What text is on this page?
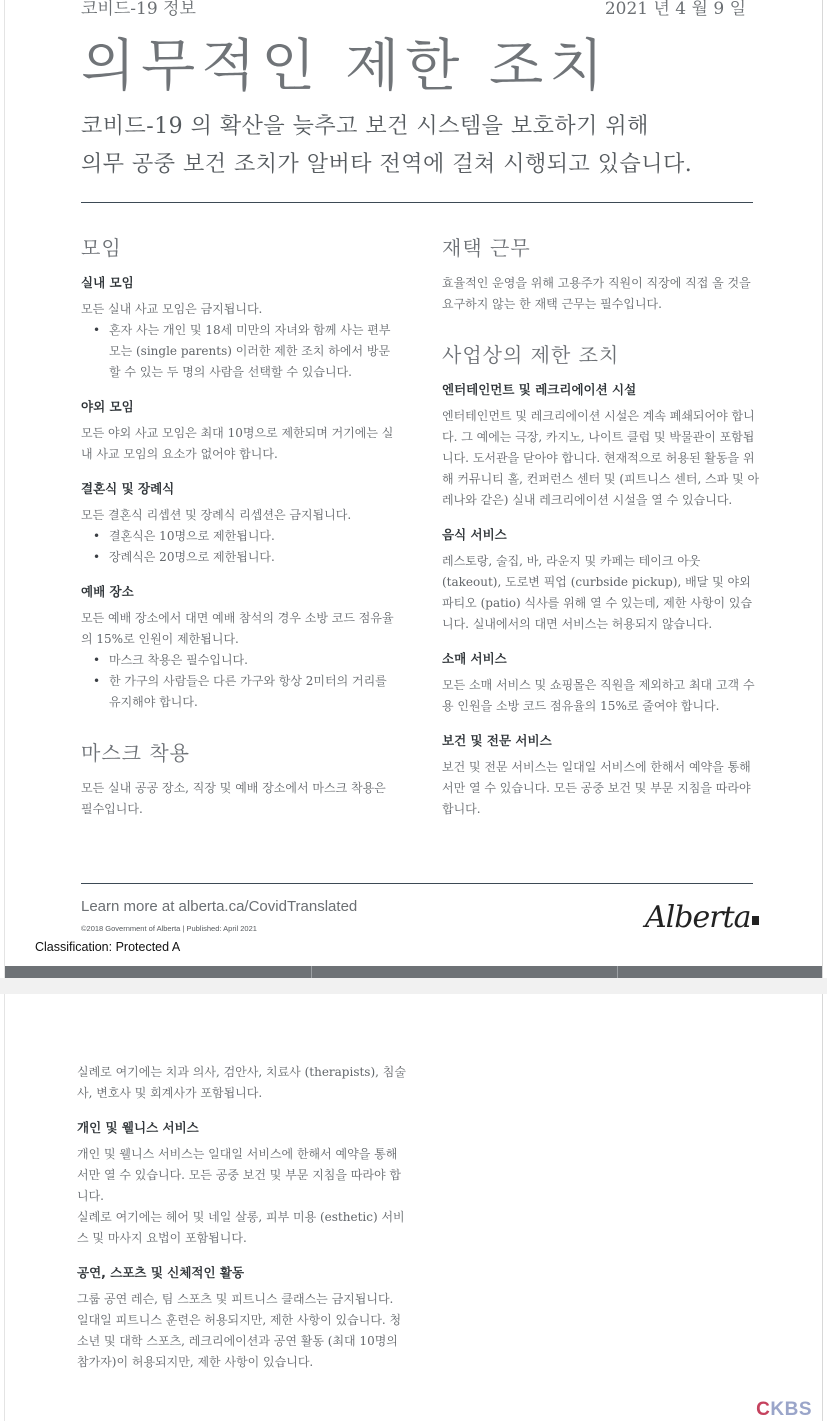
코비드-19 정보	2021 년 4 월 9 일
의무적인 제한 조치
코비드-19 의 확산을 늦추고 보건 시스템을 보호하기 위해
의무 공중 보건 조치가 알버타 전역에 걸쳐 시행되고 있습니다.
모임
실내 모임

모든 실내 사교 모임은 금지됩니다.

• 혼자 사는 개인 및 18세 미만의 자녀와 함께 사는 편부모는 (single parents) 이러한 제한 조치 하에서 방문할 수 있는 두 명의 사람을 선택할 수 있습니다.
야외 모임

모든 야외 사교 모임은 최대 10명으로 제한되며 거기에는 실내 사교 모임의 요소가 없어야 합니다.

결혼식 및 장례식

모든 결혼식 리셉션 및 장례식 리셉션은 금지됩니다.

• 결혼식은 10명으로 제한됩니다.
• 장례식은 20명으로 제한됩니다.
예배 장소

모든 예배 장소에서 대면 예배 참석의 경우 소방 코드 점유율의 15%로 인원이 제한됩니다.

• 마스크 착용은 필수입니다.
• 한 가구의 사람들은 다른 가구와 항상 2미터의 거리를 유지해야 합니다.
마스크 착용

모든 실내 공공 장소, 직장 및 예배 장소에서 마스크 착용은 필수입니다.

재택 근무

효율적인 운영을 위해 고용주가 직원이 직장에 직접 올 것을 요구하지 않는 한 재택 근무는 필수입니다.

사업상의 제한 조치
엔터테인먼트 및 레크리에이션 시설

엔터테인먼트 및 레크리에이션 시설은 계속 폐쇄되어야 합니다. 그 예에는 극장, 카지노, 나이트 클럽 및 박물관이 포함됩니다. 도서관을 닫아야 합니다. 현재적으로 허용된 활동을 위해 커뮤니티 홀, 컨퍼런스 센터 및 (피트니스 센터, 스파 및 아레나와 같은) 실내 레크리에이션 시설을 열 수 있습니다.

음식 서비스

레스토랑, 술집, 바, 라운지 및 카페는 테이크 아웃 (takeout), 도로변 픽업 (curbside pickup), 배달 및 야외 파티오 (patio) 식사를 위해 열 수 있는데, 제한 사항이 있습니다. 실내에서의 대면 서비스는 허용되지 않습니다.

소매 서비스

모든 소매 서비스 및 쇼핑몰은 직원을 제외하고 최대 고객 수용 인원을 소방 코드 점유율의 15%로 줄여야 합니다.

보건 및 전문 서비스

보건 및 전문 서비스는 일대일 서비스에 한해서 예약을 통해서만 열 수 있습니다. 모든 공중 보건 및 부문 지침을 따라야 합니다.

Learn more at alberta.ca/CovidTranslated
©2018 Government of Alberta | Published: April 2021
Classification: Protected A
Alberta

실례로 여기에는 치과 의사, 검안사, 치료사 (therapists), 침술사, 변호사 및 회계사가 포함됩니다.

개인 및 웰니스 서비스

개인 및 웰니스 서비스는 일대일 서비스에 한해서 예약을 통해서만 열 수 있습니다. 모든 공중 보건 및 부문 지침을 따라야 합니다.

실례로 여기에는 헤어 및 네일 살롱, 피부 미용 (esthetic) 서비스 및 마사지 요법이 포함됩니다.

공연, 스포츠 및 신체적인 활동

그룹 공연 레슨, 팀 스포츠 및 피트니스 클래스는 금지됩니다. 일대일 피트니스 훈련은 허용되지만, 제한 사항이 있습니다. 청소년 및 대학 스포츠, 레크리에이션과 공연 활동 (최대 10명의 참가자)이 허용되지만, 제한 사항이 있습니다.

CKBS
